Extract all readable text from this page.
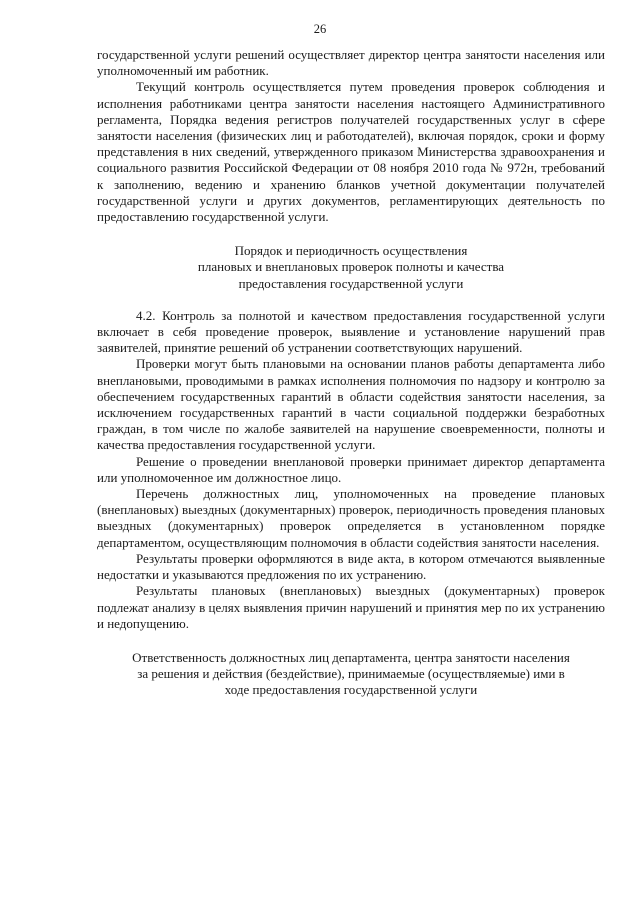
26

государственной услуги решений осуществляет директор центра занятости населения или уполномоченный им работник.

Текущий контроль осуществляется путем проведения проверок соблюдения и исполнения работниками центра занятости населения настоящего Административного регламента, Порядка ведения регистров получателей государственных услуг в сфере занятости населения (физических лиц и работодателей), включая порядок, сроки и форму представления в них сведений, утвержденного приказом Министерства здравоохранения и социального развития Российской Федерации от 08 ноября 2010 года № 972н, требований к заполнению, ведению и хранению бланков учетной документации получателей государственной услуги и других документов, регламентирующих деятельность по предоставлению государственной услуги.

Порядок и периодичность осуществления

плановых и внеплановых проверок полноты и качества

предоставления государственной услуги

4.2. Контроль за полнотой и качеством предоставления государственной услуги включает в себя проведение проверок, выявление и установление нарушений прав заявителей, принятие решений об устранении соответствующих нарушений.

Проверки могут быть плановыми на основании планов работы департамента либо внеплановыми, проводимыми в рамках исполнения полномочия по надзору и контролю за обеспечением государственных гарантий в области содействия занятости населения, за исключением государственных гарантий в части социальной поддержки безработных граждан, в том числе по жалобе заявителей на нарушение своевременности, полноты и качества предоставления государственной услуги.

Решение о проведении внеплановой проверки принимает директор департамента или уполномоченное им должностное лицо.

Перечень должностных лиц, уполномоченных на проведение плановых (внеплановых) выездных (документарных) проверок, периодичность проведения плановых выездных (документарных) проверок определяется в установленном порядке департаментом, осуществляющим полномочия в области содействия занятости населения.

Результаты проверки оформляются в виде акта, в котором отмечаются выявленные недостатки и указываются предложения по их устранению.

Результаты плановых (внеплановых) выездных (документарных) проверок подлежат анализу в целях выявления причин нарушений и принятия мер по их устранению и недопущению.

Ответственность должностных лиц департамента, центра занятости населения

за решения и действия (бездействие), принимаемые (осуществляемые) ими в

ходе предоставления государственной услуги
